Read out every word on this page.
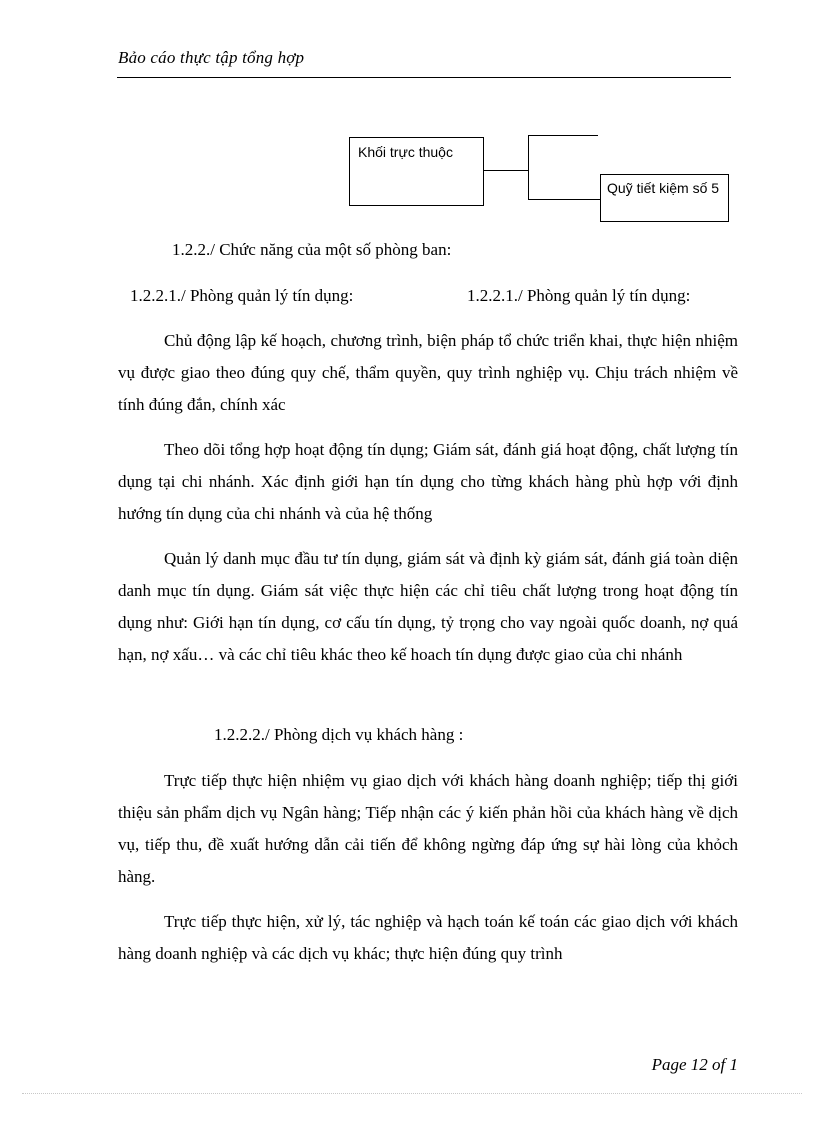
Bảo cáo thực tập tổng hợp
Khối trực thuộc
Quỹ tiết kiệm số 5
1.2.2./ Chức năng của một số phòng ban:
1.2.2.1./ Phòng quản lý tín dụng:	1.2.2.1./ Phòng quản lý tín dụng:

Chủ động lập kế hoạch, chương trình, biện pháp tổ chức triển khai, thực hiện nhiệm vụ được giao theo đúng quy chế, thẩm quyền, quy trình nghiệp vụ. Chịu trách nhiệm về tính đúng đắn, chính xác

Theo dõi tổng hợp hoạt động tín dụng; Giám sát, đánh giá hoạt động, chất lượng tín dụng tại chi nhánh. Xác định giới hạn tín dụng cho từng khách hàng phù hợp với định hướng tín dụng của chi nhánh và của hệ thống

Quản lý danh mục đầu tư tín dụng, giám sát và định kỳ giám sát, đánh giá toàn diện danh mục tín dụng. Giám sát việc thực hiện các chỉ tiêu chất lượng trong hoạt động tín dụng như: Giới hạn tín dụng, cơ cấu tín dụng, tỷ trọng cho vay ngoài quốc doanh, nợ quá hạn, nợ xấu… và các chỉ tiêu khác theo kế hoach tín dụng được giao của chi nhánh

1.2.2.2./ Phòng dịch vụ khách hàng :

Trực tiếp thực hiện nhiệm vụ giao dịch với khách hàng doanh nghiệp; tiếp thị giới thiệu sản phẩm dịch vụ Ngân hàng; Tiếp nhận các ý kiến phản hồi của khách hàng về dịch vụ, tiếp thu, đề xuất hướng dẫn cải tiến để không ngừng đáp ứng sự hài lòng của khỏch hàng.

Trực tiếp thực hiện, xử lý, tác nghiệp và hạch toán kế toán các giao dịch với khách hàng doanh nghiệp và các dịch vụ khác; thực hiện đúng quy trình

Page 12 of 1
